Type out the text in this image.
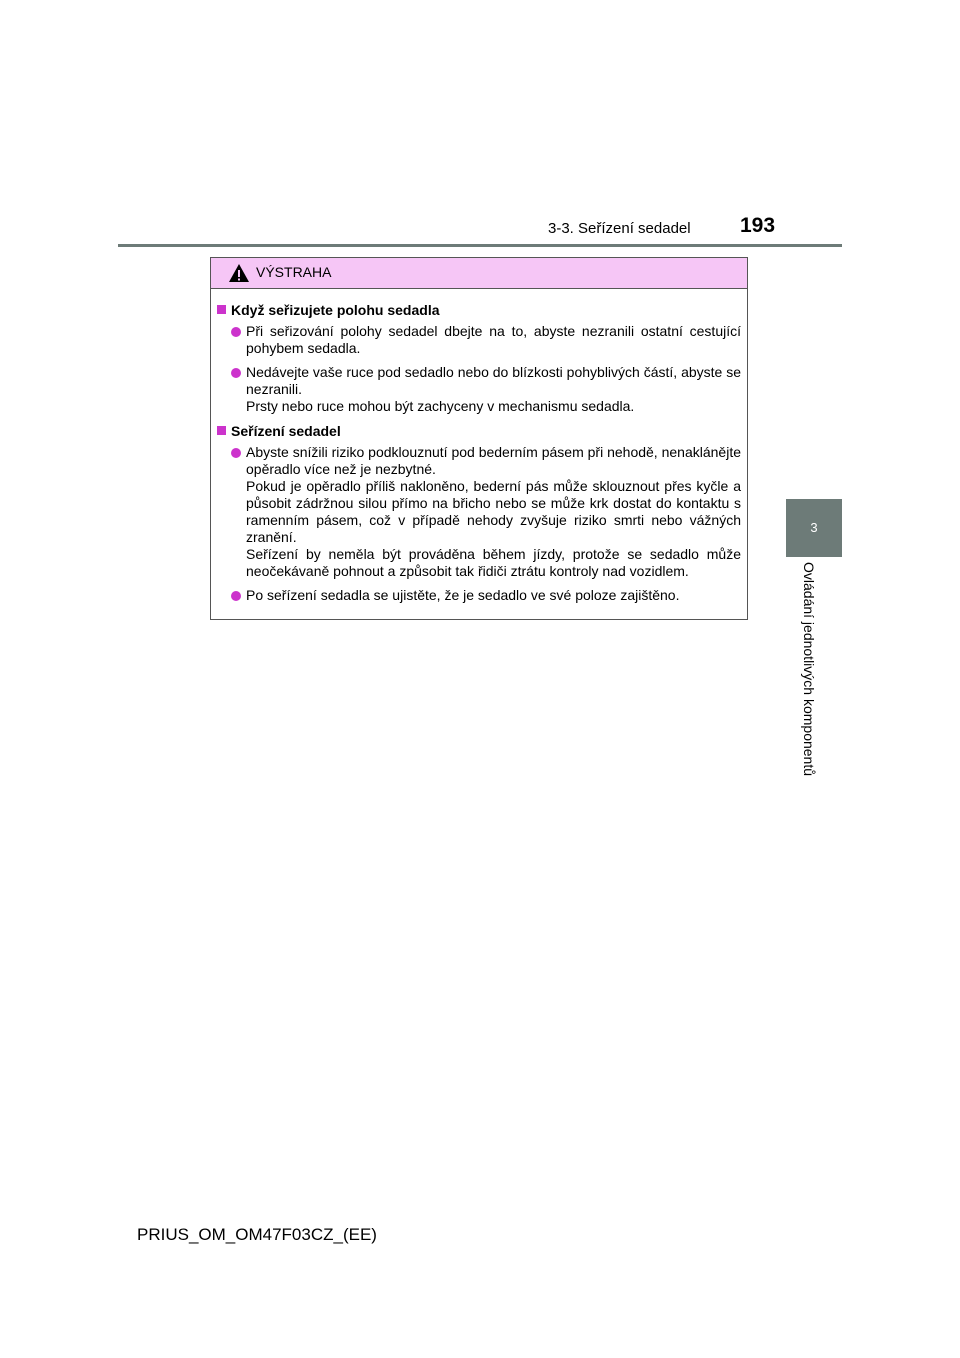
3-3. Seřízení sedadel 193
3
Ovládání jednotlivých komponentů
VÝSTRAHA
Když seřizujete polohu sedadla
Při seřizování polohy sedadel dbejte na to, abyste nezranili ostatní cestující pohybem sedadla.
Nedávejte vaše ruce pod sedadlo nebo do blízkosti pohyblivých částí, abyste se nezranili.
Prsty nebo ruce mohou být zachyceny v mechanismu sedadla.
Seřízení sedadel
Abyste snížili riziko podklouznutí pod bederním pásem při nehodě, nenaklánějte opěradlo více než je nezbytné.
Pokud je opěradlo příliš nakloněno, bederní pás může sklouznout přes kyčle a působit zádržnou silou přímo na břicho nebo se může krk dostat do kontaktu s ramenním pásem, což v případě nehody zvyšuje riziko smrti nebo vážných zranění.
Seřízení by neměla být prováděna během jízdy, protože se sedadlo může neočekávaně pohnout a způsobit tak řidiči ztrátu kontroly nad vozidlem.
Po seřízení sedadla se ujistěte, že je sedadlo ve své poloze zajištěno.
PRIUS_OM_OM47F03CZ_(EE)
